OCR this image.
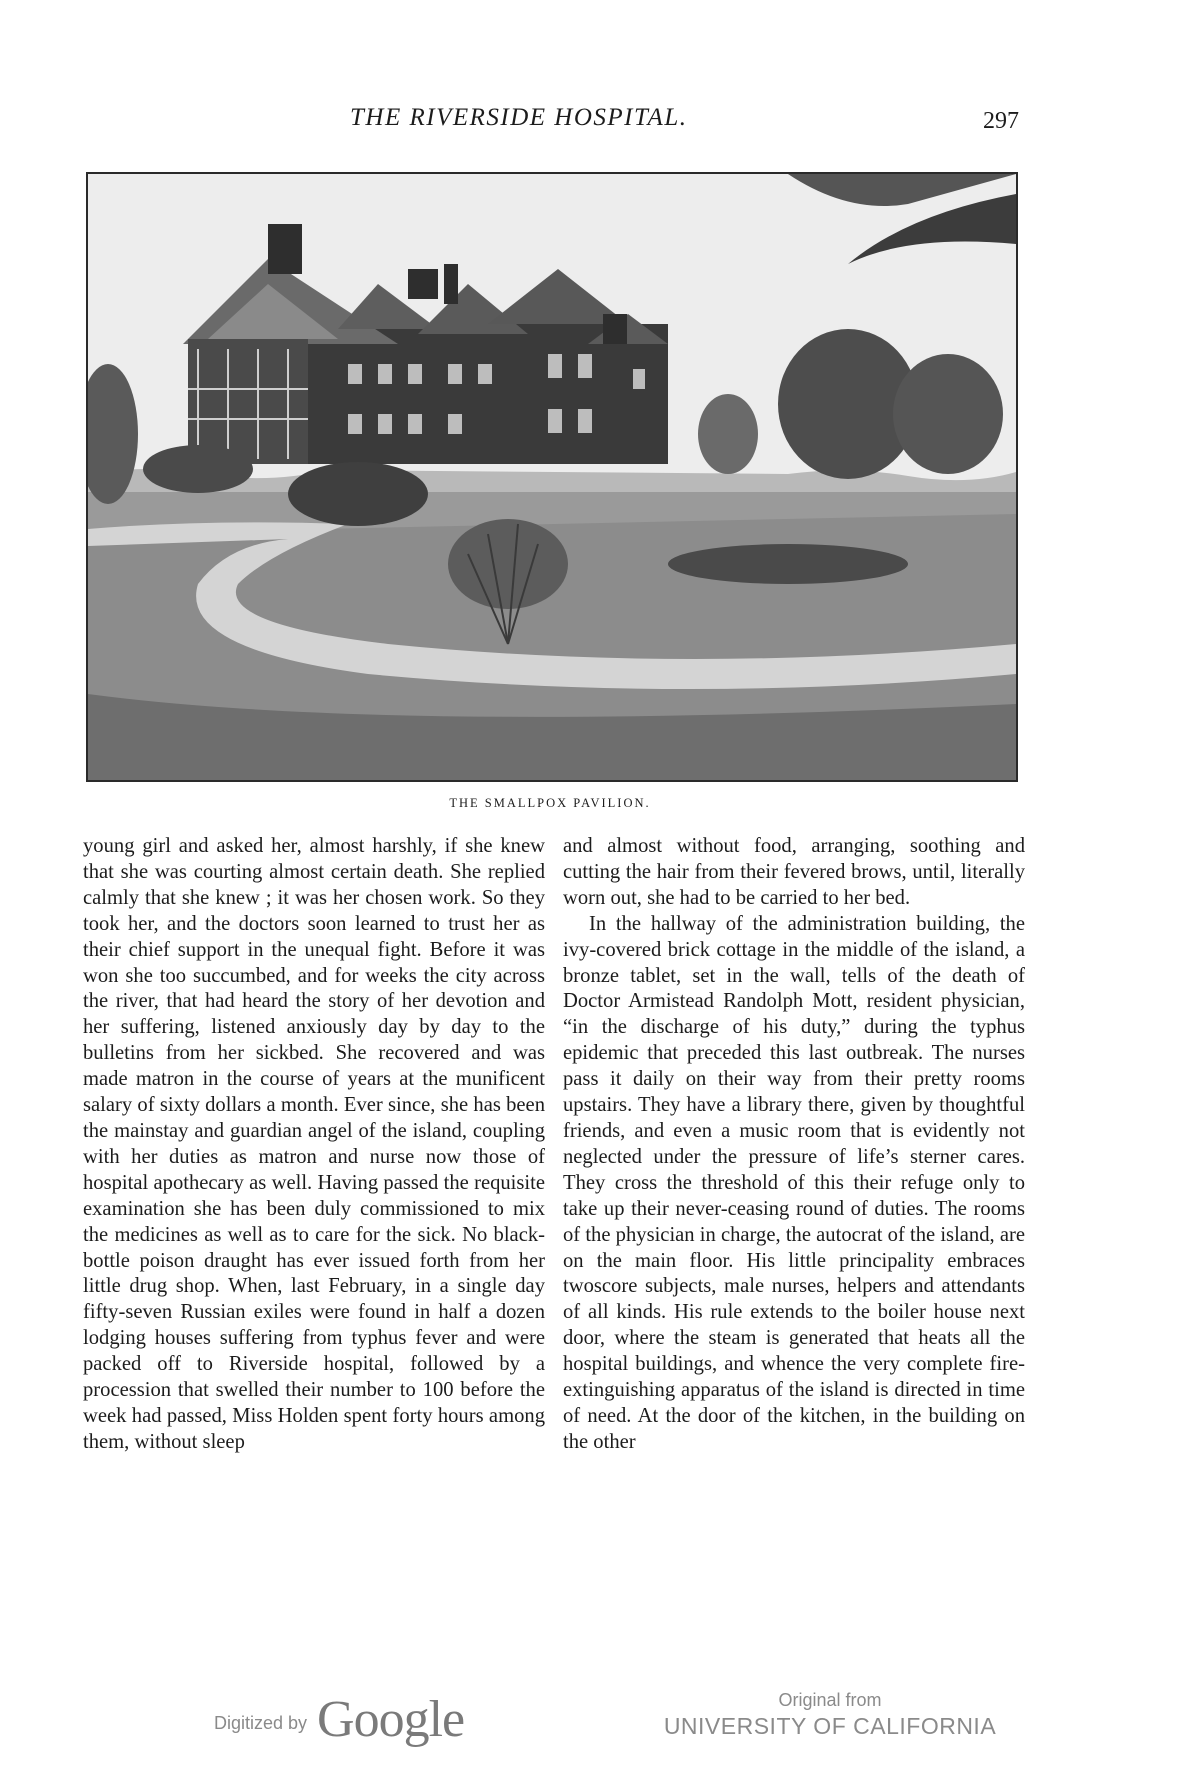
THE RIVERSIDE HOSPITAL.	297
THE SMALLPOX PAVILION.

young girl and asked her, almost harshly, if she knew that she was courting almost certain death. She replied calmly that she knew ; it was her chosen work. So they took her, and the doctors soon learned to trust her as their chief support in the unequal fight. Before it was won she too succumbed, and for weeks the city across the river, that had heard the story of her devotion and her suffering, listened anxiously day by day to the bulletins from her sickbed. She recovered and was made matron in the course of years at the munificent salary of sixty dollars a month. Ever since, she has been the mainstay and guardian angel of the island, coupling with her duties as matron and nurse now those of hospital apothecary as well. Having passed the requisite examination she has been duly commissioned to mix the medicines as well as to care for the sick. No black-bottle poison draught has ever issued forth from her little drug shop. When, last February, in a single day fifty-seven Russian exiles were found in half a dozen lodging houses suffering from typhus fever and were packed off to Riverside hospital, followed by a procession that swelled their number to 100 before the week had passed, Miss Holden spent forty hours among them, without sleep

and almost without food, arranging, soothing and cutting the hair from their fevered brows, until, literally worn out, she had to be carried to her bed.

In the hallway of the administration building, the ivy-covered brick cottage in the middle of the island, a bronze tablet, set in the wall, tells of the death of Doctor Armistead Randolph Mott, resident physician, “in the discharge of his duty,” during the typhus epidemic that preceded this last outbreak. The nurses pass it daily on their way from their pretty rooms upstairs. They have a library there, given by thoughtful friends, and even a music room that is evidently not neglected under the pressure of life’s sterner cares. They cross the threshold of this their refuge only to take up their never-ceasing round of duties. The rooms of the physician in charge, the autocrat of the island, are on the main floor. His little principality embraces twoscore subjects, male nurses, helpers and attendants of all kinds. His rule extends to the boiler house next door, where the steam is generated that heats all the hospital buildings, and whence the very complete fire-extinguishing apparatus of the island is directed in time of need. At the door of the kitchen, in the building on the other

Digitized by Google	Original from
UNIVERSITY OF CALIFORNIA
